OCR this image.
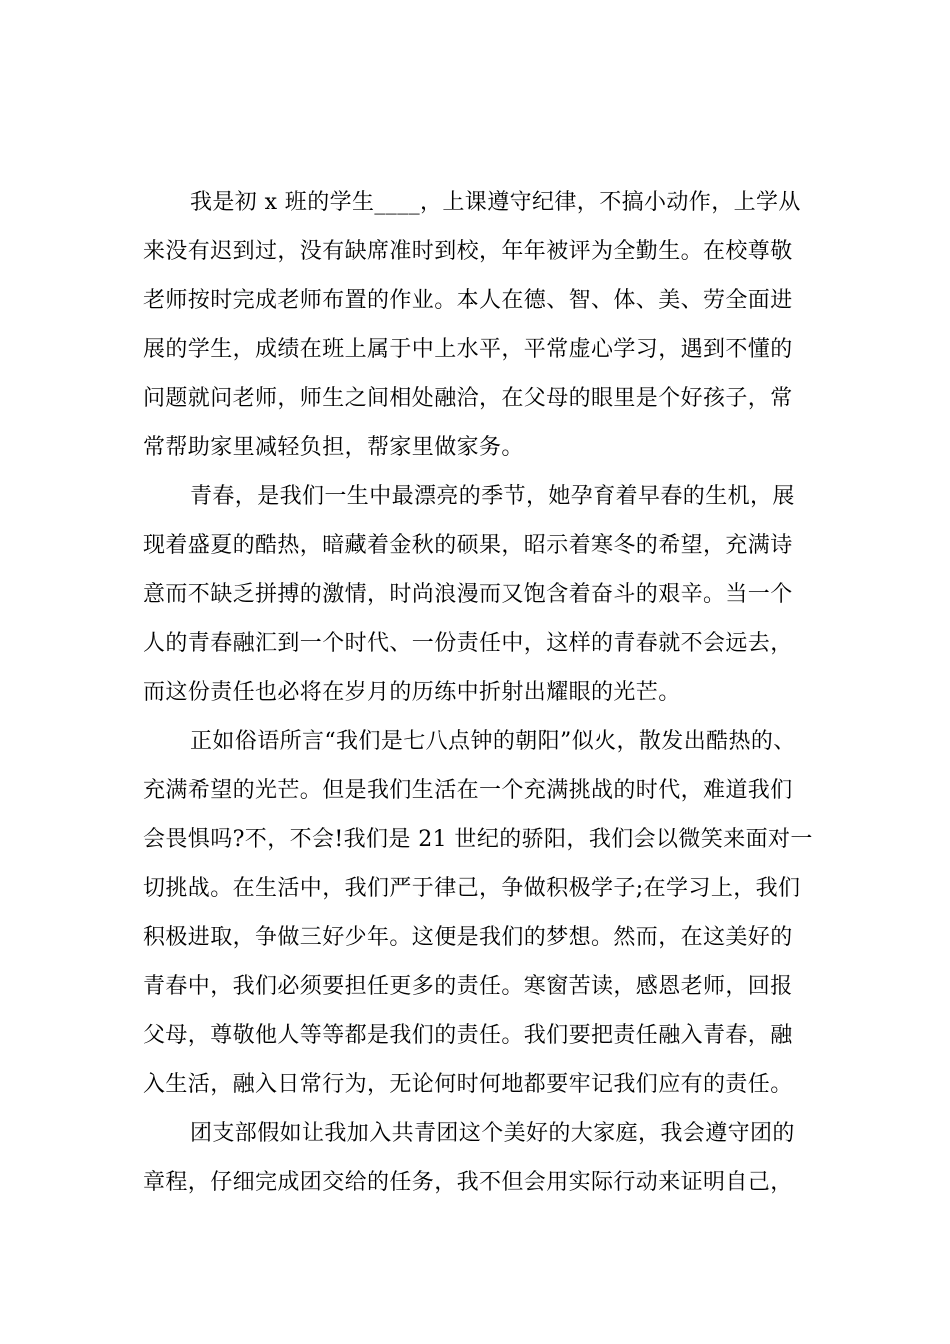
我是初 x 班的学生____，上课遵守纪律，不搞小动作，上学从
来没有迟到过，没有缺席准时到校，年年被评为全勤生。在校尊敬
老师按时完成老师布置的作业。本人在德、智、体、美、劳全面进
展的学生，成绩在班上属于中上水平，平常虚心学习，遇到不懂的
问题就问老师，师生之间相处融洽，在父母的眼里是个好孩子，常
常帮助家里减轻负担，帮家里做家务。
青春，是我们一生中最漂亮的季节，她孕育着早春的生机，展
现着盛夏的酷热，暗藏着金秋的硕果，昭示着寒冬的希望，充满诗
意而不缺乏拼搏的激情，时尚浪漫而又饱含着奋斗的艰辛。当一个
人的青春融汇到一个时代、一份责任中，这样的青春就不会远去，
而这份责任也必将在岁月的历练中折射出耀眼的光芒。
正如俗语所言“我们是七八点钟的朝阳”似火，散发出酷热的、
充满希望的光芒。但是我们生活在一个充满挑战的时代，难道我们
会畏惧吗?不，不会!我们是 21 世纪的骄阳，我们会以微笑来面对一
切挑战。在生活中，我们严于律己，争做积极学子;在学习上，我们
积极进取，争做三好少年。这便是我们的梦想。然而，在这美好的
青春中，我们必须要担任更多的责任。寒窗苦读，感恩老师，回报
父母，尊敬他人等等都是我们的责任。我们要把责任融入青春，融
入生活，融入日常行为，无论何时何地都要牢记我们应有的责任。
团支部假如让我加入共青团这个美好的大家庭，我会遵守团的
章程，仔细完成团交给的任务，我不但会用实际行动来证明自己，
